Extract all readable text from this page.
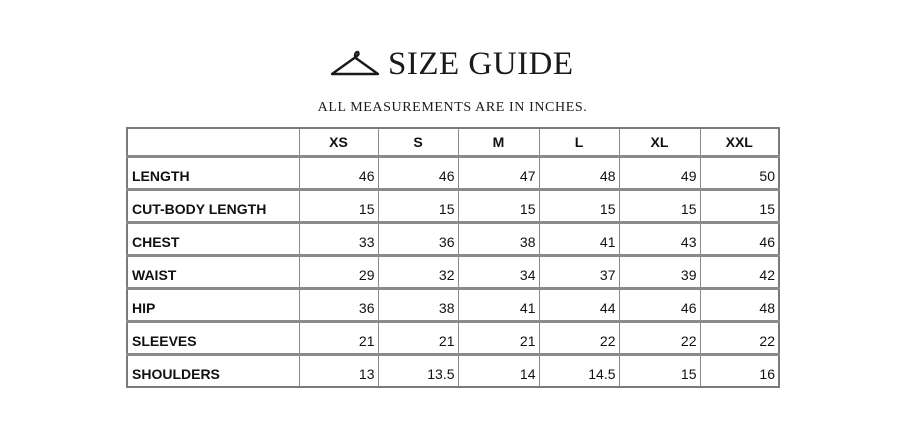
SIZE GUIDE
ALL MEASUREMENTS ARE IN INCHES.
	XS	S	M	L	XL	XXL
LENGTH	46	46	47	48	49	50
CUT-BODY LENGTH	15	15	15	15	15	15
CHEST	33	36	38	41	43	46
WAIST	29	32	34	37	39	42
HIP	36	38	41	44	46	48
SLEEVES	21	21	21	22	22	22
SHOULDERS	13	13.5	14	14.5	15	16
